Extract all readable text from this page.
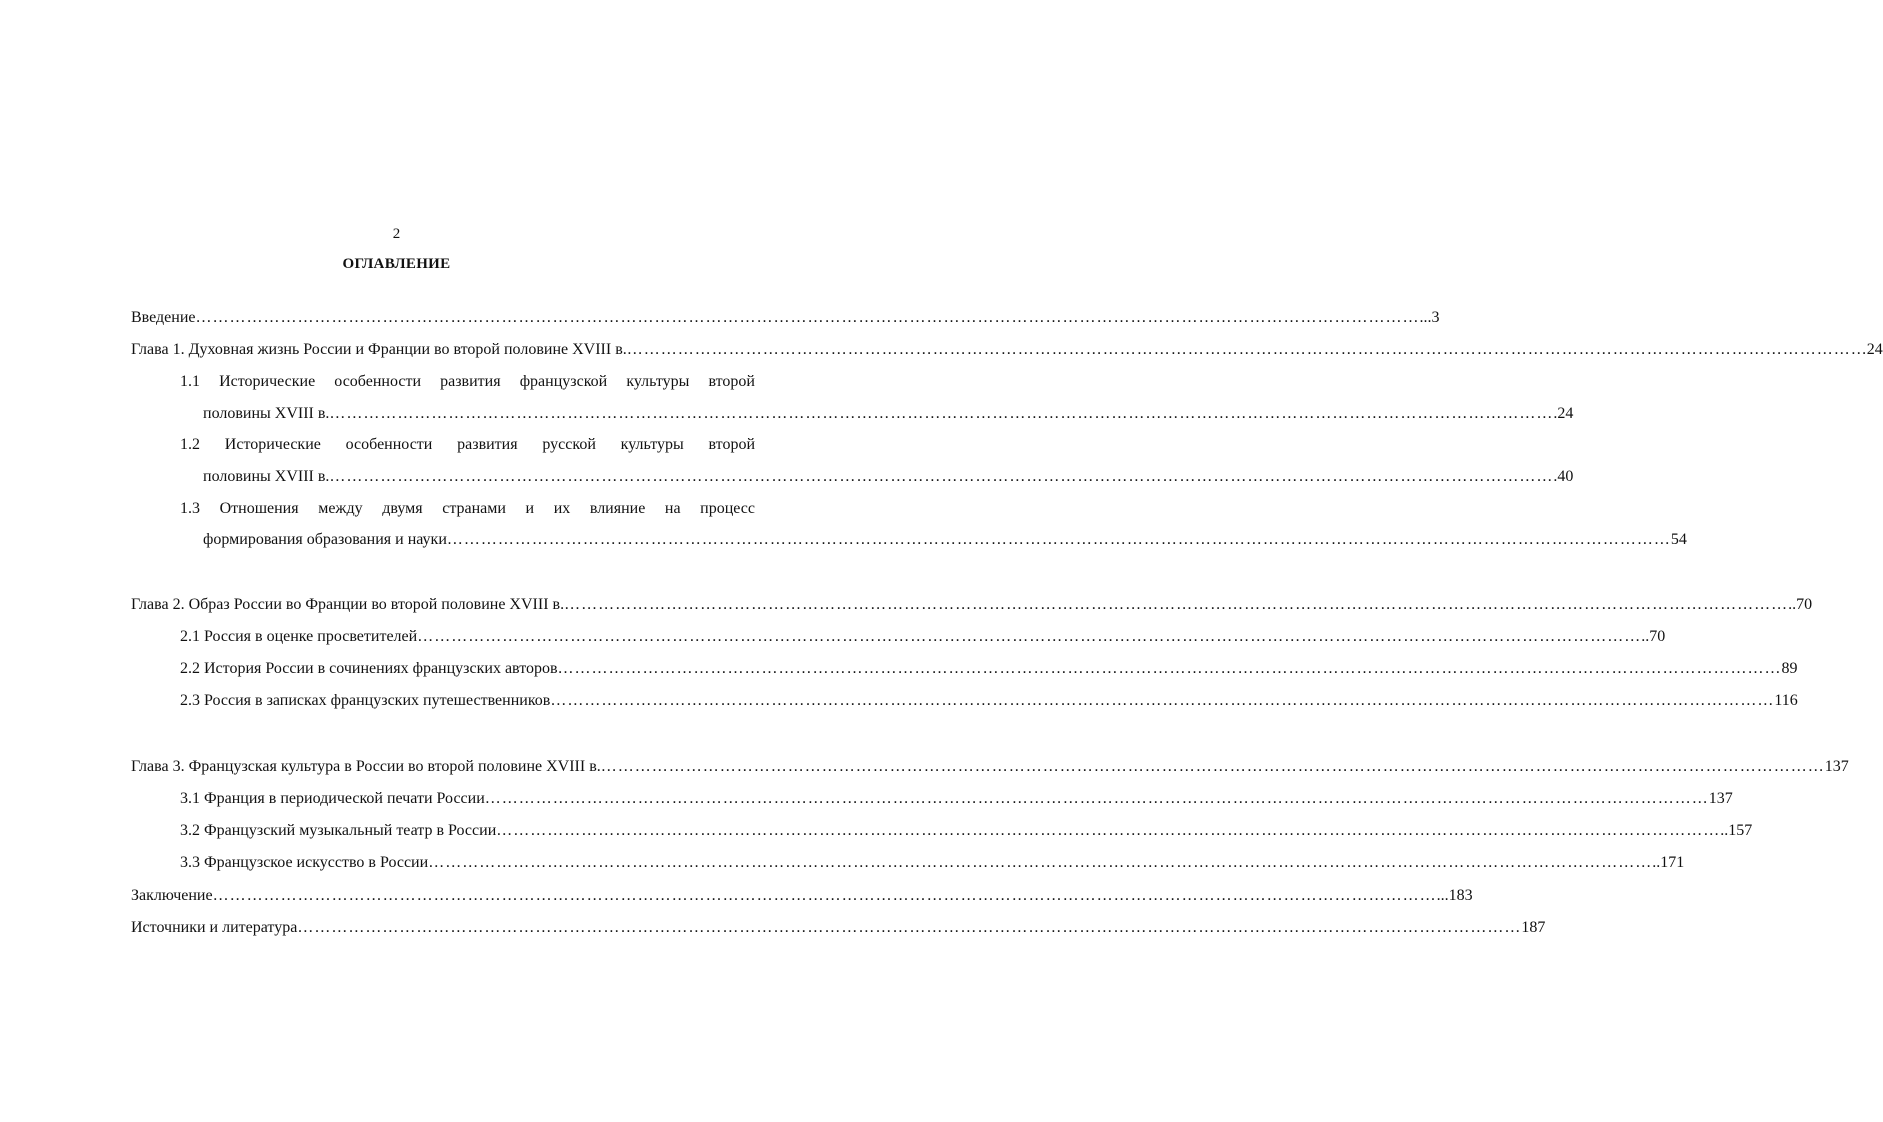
2
ОГЛАВЛЕНИЕ
Введение ……………………………………………………………………………………………………………………………………………………………………………………………… ...3
Глава 1. Духовная жизнь России и Франции во второй половине XVIII в. ……………………………………………………………………………………………………………………………………………………………………………………………… …24
1.1 Исторические особенности развития французской культуры второй
половины XVIII в. ……………………………………………………………………………………………………………………………………………………………………………………………… .24
1.2 Исторические особенности развития русской культуры второй
половины XVIII в. ……………………………………………………………………………………………………………………………………………………………………………………………… .40
1.3 Отношения между двумя странами и их влияние на процесс
формирования образования и науки ……………………………………………………………………………………………………………………………………………………………………………………………… 54
Глава 2. Образ России во Франции во второй половине XVIII в. ……………………………………………………………………………………………………………………………………………………………………………………………… ..70
2.1 Россия в оценке просветителей ……………………………………………………………………………………………………………………………………………………………………………………………… ..70
2.2 История России в сочинениях французских авторов ……………………………………………………………………………………………………………………………………………………………………………………………… 89
2.3 Россия в записках французских путешественников ……………………………………………………………………………………………………………………………………………………………………………………………… 116
Глава 3. Французская культура в России во второй половине XVIII в. ……………………………………………………………………………………………………………………………………………………………………………………………… 137
3.1 Франция в периодической печати России ……………………………………………………………………………………………………………………………………………………………………………………………… 137
3.2 Французский музыкальный театр в России ……………………………………………………………………………………………………………………………………………………………………………………………… ..157
3.3 Французское искусство в России ……………………………………………………………………………………………………………………………………………………………………………………………… ..171
Заключение ……………………………………………………………………………………………………………………………………………………………………………………………… ...183
Источники и литература ……………………………………………………………………………………………………………………………………………………………………………………………… 187
